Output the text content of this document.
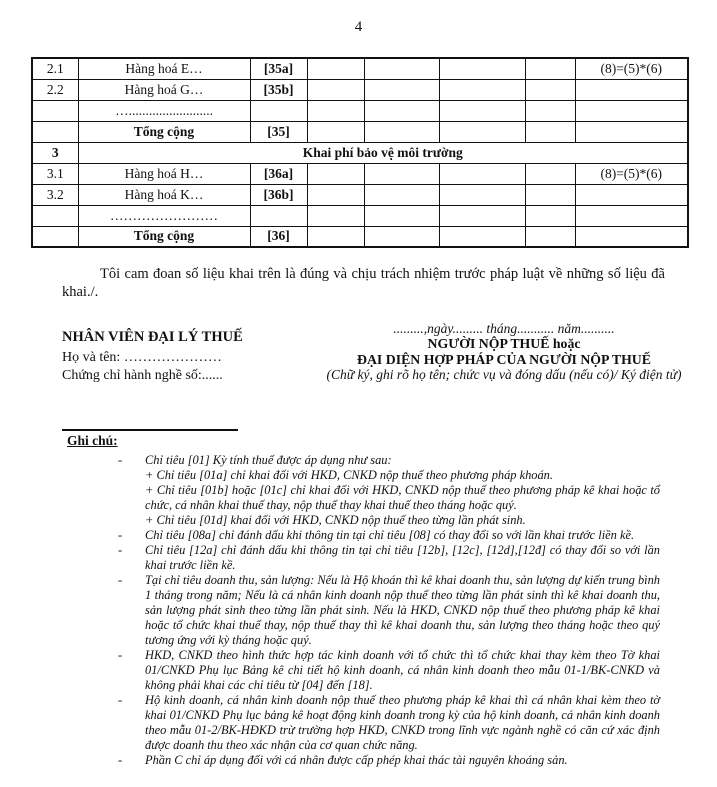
4
2.1	Hàng hoá E…	[35a]					(8)=(5)*(6)
2.2	Hàng hoá G…	[35b]					
	….........................						
	Tổng cộng	[35]					
3	Khai phí bảo vệ môi trường						
3.1	Hàng hoá H…	[36a]					(8)=(5)*(6)
3.2	Hàng hoá K…	[36b]					
	……………………						
	Tổng cộng	[36]					

Tôi cam đoan số liệu khai trên là đúng và chịu trách nhiệm trước pháp luật về những số liệu đã khai./.

NHÂN VIÊN ĐẠI LÝ THUẾ
Họ và tên: …………………
Chứng chỉ hành nghề số:......
.........,ngày......... tháng........... năm..........
NGƯỜI NỘP THUẾ hoặc
ĐẠI DIỆN HỢP PHÁP CỦA NGƯỜI NỘP THUẾ
(Chữ ký, ghi rõ họ tên; chức vụ và đóng dấu (nếu có)/ Ký điện tử)
Ghi chú:
-	Chỉ tiêu [01] Kỳ tính thuế được áp dụng như sau:

+ Chỉ tiêu [01a] chỉ khai đối với HKD, CNKD nộp thuế theo phương pháp khoán.

+ Chỉ tiêu [01b] hoặc [01c] chỉ khai đối với HKD, CNKD nộp thuế theo phương pháp kê khai hoặc tổ chức, cá nhân khai thuế thay, nộp thuế thay khai thuế theo tháng hoặc quý.

+ Chỉ tiêu [01d] khai đối với HKD, CNKD nộp thuế theo từng lần phát sinh.

-	Chỉ tiêu [08a] chỉ đánh dấu khi thông tin tại chỉ tiêu [08] có thay đổi so với lần khai trước liền kề.

-	Chỉ tiêu [12a] chỉ đánh dấu khi thông tin tại chỉ tiêu [12b], [12c], [12d],[12đ] có thay đổi so với lần khai trước liền kề.

-	Tại chỉ tiêu doanh thu, sản lượng: Nếu là Hộ khoán thì kê khai doanh thu, sản lượng dự kiến trung bình 1 tháng trong năm; Nếu là cá nhân kinh doanh nộp thuế theo từng lần phát sinh thì kê khai doanh thu, sản lượng phát sinh theo từng lần phát sinh. Nếu là HKD, CNKD nộp thuế theo phương pháp kê khai hoặc tổ chức khai thuế thay, nộp thuế thay thì kê khai doanh thu, sản lượng theo tháng hoặc theo quý tương ứng với kỳ tháng hoặc quý.

-	HKD, CNKD theo hình thức hợp tác kinh doanh với tổ chức thì tổ chức khai thay kèm theo Tờ khai 01/CNKD Phụ lục Bảng kê chi tiết hộ kinh doanh, cá nhân kinh doanh theo mẫu 01-1/BK-CNKD và không phải khai các chỉ tiêu từ [04] đến [18].

-	Hộ kinh doanh, cá nhân kinh doanh nộp thuế theo phương pháp kê khai thì cá nhân khai kèm theo tờ khai 01/CNKD Phụ lục bảng kê hoạt động kinh doanh trong kỳ của hộ kinh doanh, cá nhân kinh doanh theo mẫu 01-2/BK-HĐKD trừ trường hợp HKD, CNKD trong lĩnh vực ngành nghề có căn cứ xác định được doanh thu theo xác nhận của cơ quan chức năng.

-	Phần C chỉ áp dụng đối với cá nhân được cấp phép khai thác tài nguyên khoáng sản.
